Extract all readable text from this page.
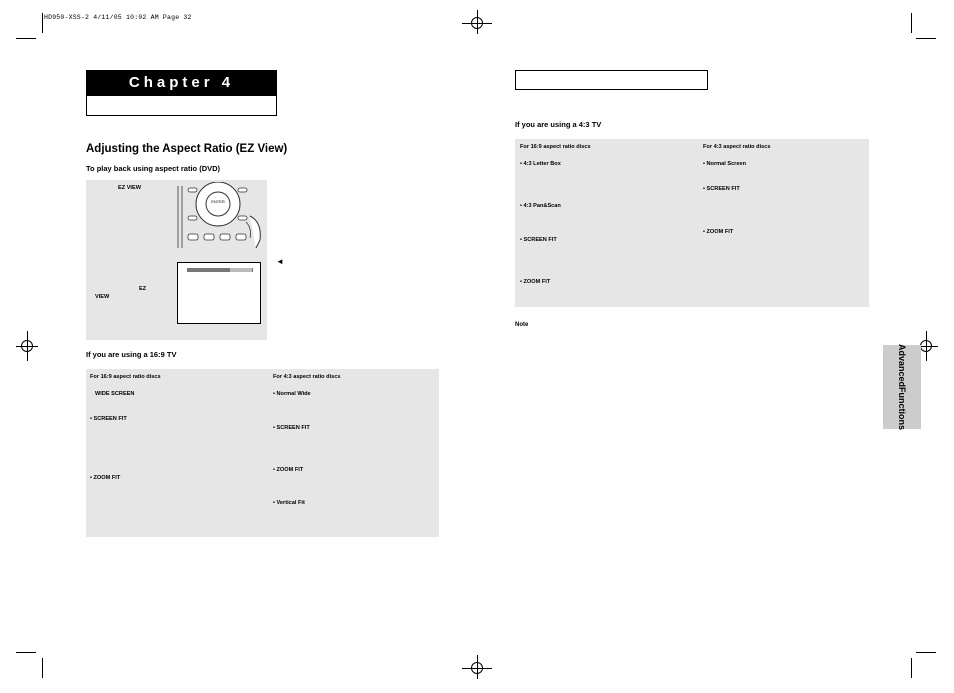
HD950-XSS-2 4/11/05 10:02 AM Page 32
Chapter 4
Adjusting the Aspect Ratio (EZ View)
To play back using aspect ratio (DVD)
EZ VIEW
EZ
VIEW
ENTER
◄
If you are using a 16:9 TV
For 16:9 aspect ratio discs	For 4:3 aspect ratio discs
WIDE SCREEN
• SCREEN FIT
• ZOOM FIT
• Normal Wide
• SCREEN FIT
• ZOOM FIT
• Vertical Fit
If you are using a 4:3 TV
For 16:9 aspect ratio discs	For 4:3 aspect ratio discs
• 4:3 Letter Box
• 4:3 Pan&Scan
• SCREEN FIT
• ZOOM FIT
• Normal Screen
• SCREEN FIT
• ZOOM FIT
Note
Advanced

Functions
